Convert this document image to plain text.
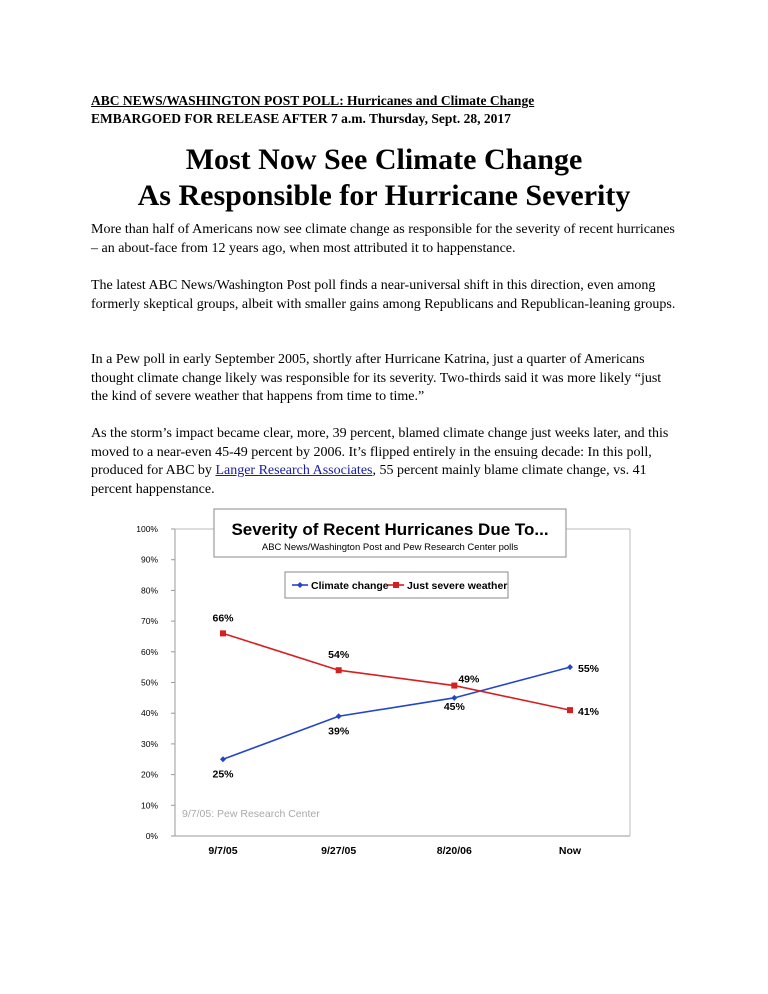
ABC NEWS/WASHINGTON POST POLL: Hurricanes and Climate Change
EMBARGOED FOR RELEASE AFTER 7 a.m. Thursday, Sept. 28, 2017
Most Now See Climate Change
As Responsible for Hurricane Severity

More than half of Americans now see climate change as responsible for the severity of recent hurricanes – an about-face from 12 years ago, when most attributed it to happenstance.

The latest ABC News/Washington Post poll finds a near-universal shift in this direction, even among formerly skeptical groups, albeit with smaller gains among Republicans and Republican-leaning groups.

In a Pew poll in early September 2005, shortly after Hurricane Katrina, just a quarter of Americans thought climate change likely was responsible for its severity. Two-thirds said it was more likely “just the kind of severe weather that happens from time to time.”

As the storm’s impact became clear, more, 39 percent, blamed climate change just weeks later, and this moved to a near-even 45-49 percent by 2006. It’s flipped entirely in the ensuing decade: In this poll, produced for ABC by Langer Research Associates, 55 percent mainly blame climate change, vs. 41 percent happenstance.

0%
10%
20%
30%
40%
50%
60%
70%
80%
90%
100%
9/7/05	9/27/05	8/20/06	Now
Severity of Recent Hurricanes Due To...
ABC News/Washington Post and Pew Research Center polls
Climate change Just severe weather
25%
39%
45%
55%
66%
54%
49%
41%
9/7/05: Pew Research Center
